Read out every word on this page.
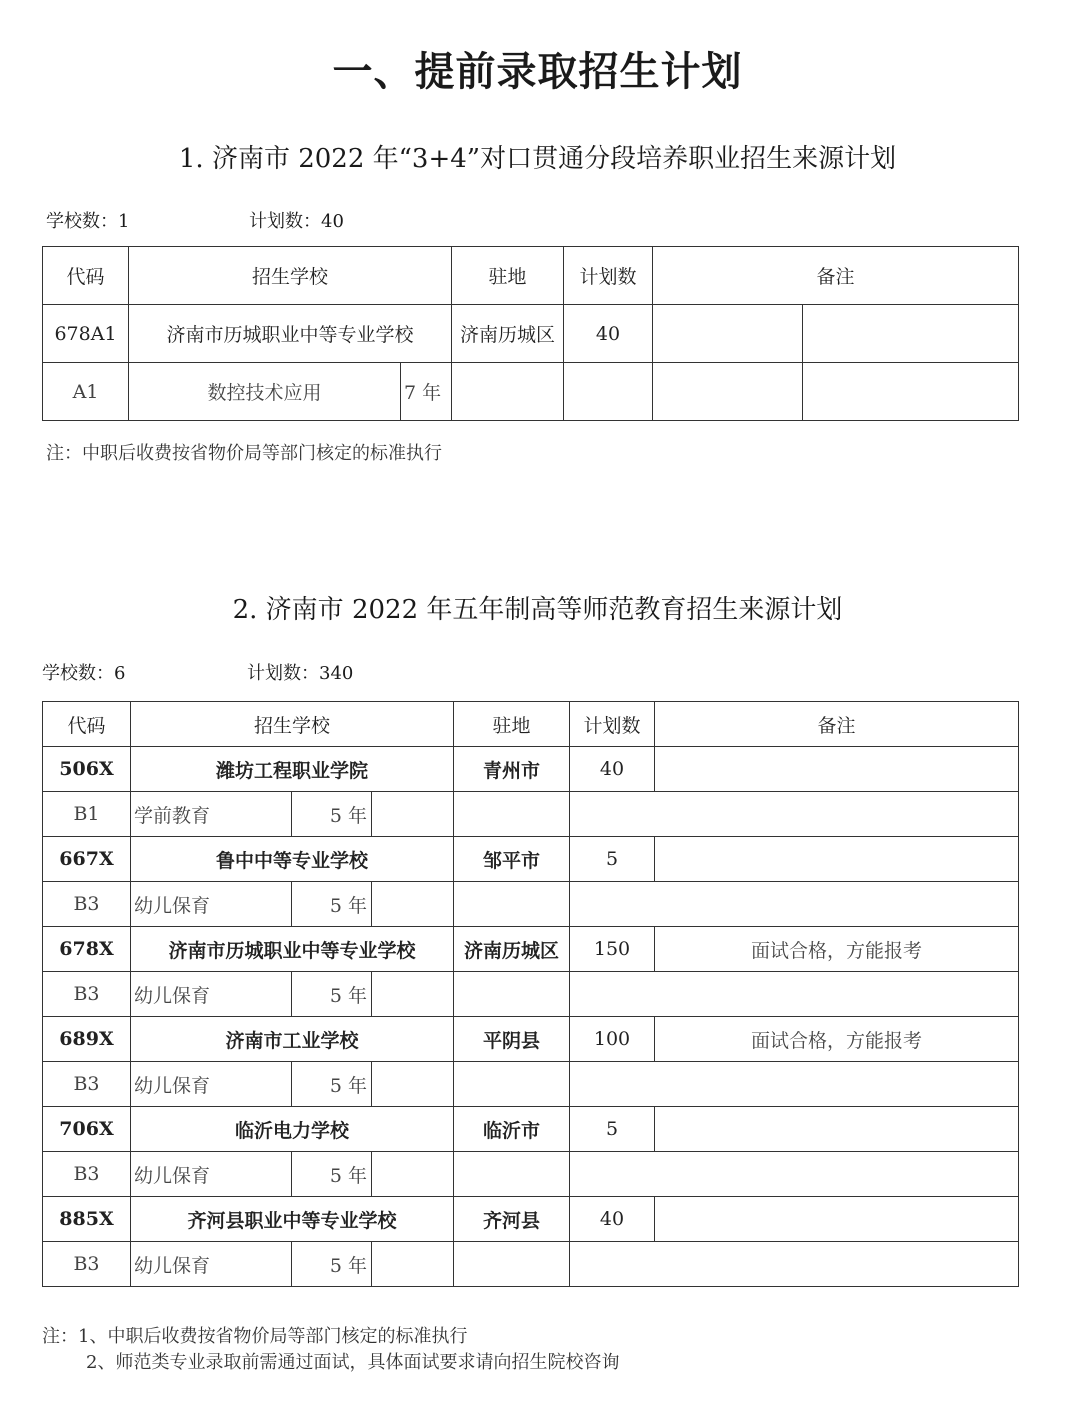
一、提前录取招生计划
1. 济南市 2022 年“3+4”对口贯通分段培养职业招生来源计划
学校数：1	计划数：40
代码	招生学校		驻地	计划数	备注	
678A1	济南市历城职业中等专业学校		济南历城区	40		
A1	数控技术应用	7 年				
注：中职后收费按省物价局等部门核定的标准执行
2. 济南市 2022 年五年制高等师范教育招生来源计划
学校数：6	计划数：340
代码	招生学校			驻地	计划数	备注
506X	潍坊工程职业学院			青州市	40	
B1	学前教育	5 年				
667X	鲁中中等专业学校			邹平市	5	
B3	幼儿保育	5 年				
678X	济南市历城职业中等专业学校			济南历城区	150	面试合格，方能报考
B3	幼儿保育	5 年				
689X	济南市工业学校			平阴县	100	面试合格，方能报考
B3	幼儿保育	5 年				
706X	临沂电力学校			临沂市	5	
B3	幼儿保育	5 年				
885X	齐河县职业中等专业学校			齐河县	40	
B3	幼儿保育	5 年				
注：1、中职后收费按省物价局等部门核定的标准执行
2、师范类专业录取前需通过面试，具体面试要求请向招生院校咨询
